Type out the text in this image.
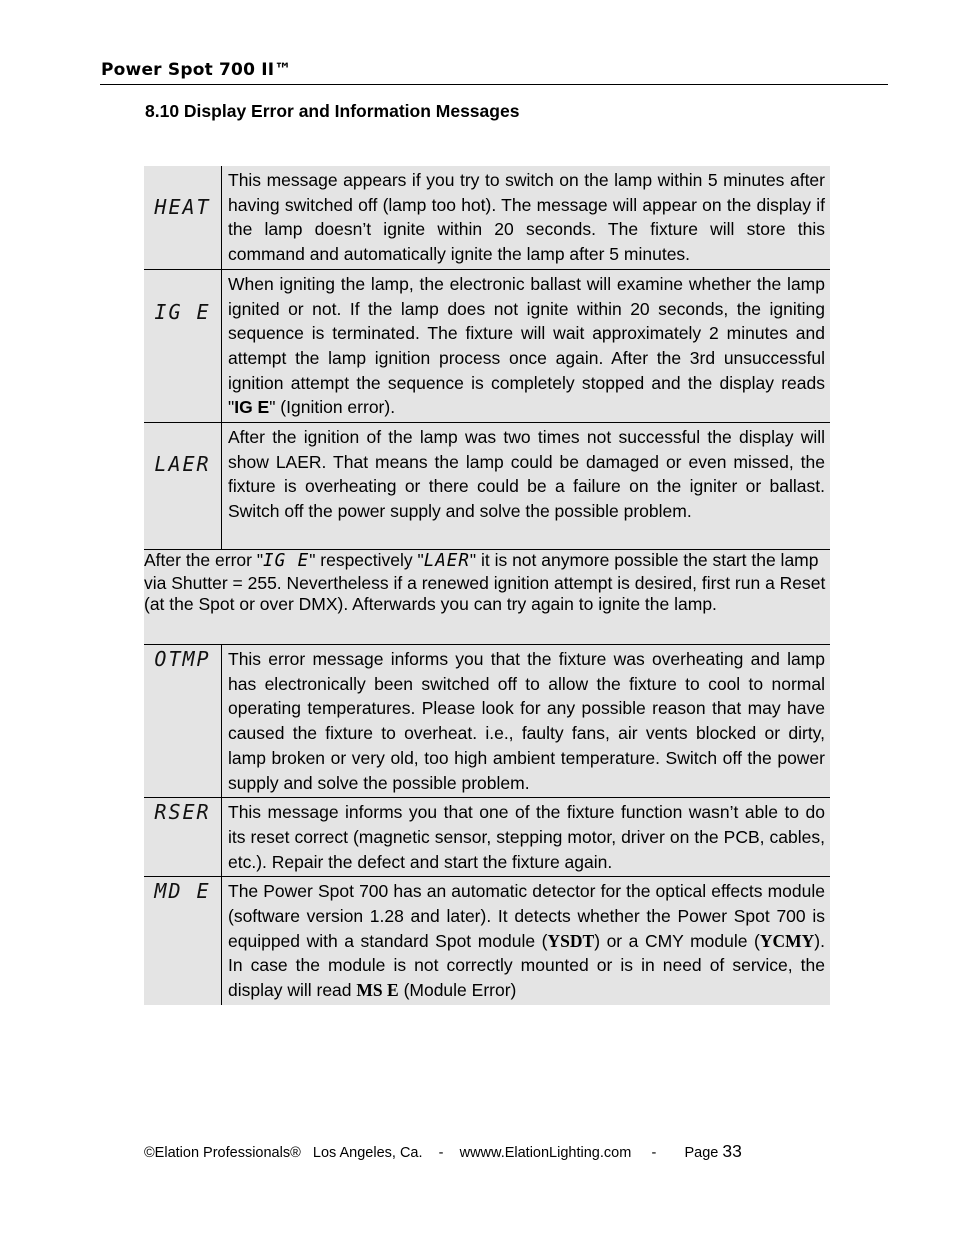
Power Spot 700 II™
8.10 Display Error and Information Messages
HEAT	This message appears if you try to switch on the lamp within 5 minutes after having switched off (lamp too hot). The message will appear on the display if the lamp doesn’t ignite within 20 seconds. The fixture will store this command and automatically ignite the lamp after 5 minutes.

IG E	When igniting the lamp, the electronic ballast will examine whether the lamp ignited or not. If the lamp does not ignite within 20 seconds, the igniting sequence is terminated. The fixture will wait approximately 2 minutes and attempt the lamp ignition process once again. After the 3rd unsuccessful ignition attempt the sequence is completely stopped and the display reads "IG E" (Ignition error).

LAER	After the ignition of the lamp was two times not successful the display will show LAER. That means the lamp could be damaged or even missed, the fixture is overheating or there could be a failure on the igniter or ballast. Switch off the power supply and solve the possible problem.

After the error "IG E" respectively "LAER" it is not anymore possible the start the lamp via Shutter = 255. Nevertheless if a renewed ignition attempt is desired, first run a Reset (at the Spot or over DMX). Afterwards you can try again to ignite the lamp.	
OTMP	This error message informs you that the fixture was overheating and lamp has electronically been switched off to allow the fixture to cool to normal operating temperatures. Please look for any possible reason that may have caused the fixture to overheat. i.e., faulty fans, air vents blocked or dirty, lamp broken or very old, too high ambient temperature. Switch off the power supply and solve the possible problem.

RSER	This message informs you that one of the fixture function wasn’t able to do its reset correct (magnetic sensor, stepping motor, driver on the PCB, cables, etc.). Repair the defect and start the fixture again.

MD E	The Power Spot 700 has an automatic detector for the optical effects module (software version 1.28 and later). It detects whether the Power Spot 700 is equipped with a standard Spot module (YSDT) or a CMY module (YCMY). In case the module is not correctly mounted or is in need of service, the display will read MS E (Module Error)
©Elation Professionals® Los Angeles, Ca. - wwww.ElationLighting.com - Page 33
